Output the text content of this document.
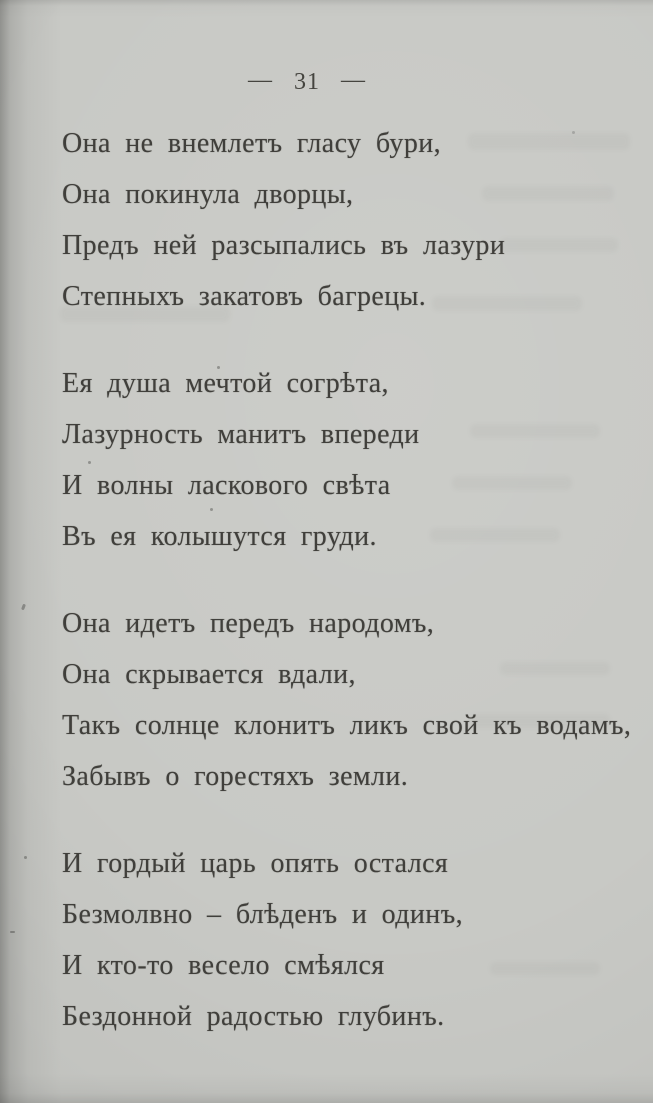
— 31 —
Она не внемлетъ гласу бури,
Она покинула дворцы,
Предъ ней разсыпались въ лазури
Степныхъ закатовъ багрецы.
Ея душа мечтой согрѣта,
Лазурность манитъ впереди
И волны ласкового свѣта
Въ ея колышутся груди.
Она идетъ передъ народомъ,
Она скрывается вдали,
Такъ солнце клонитъ ликъ свой къ водамъ,
Забывъ о горестяхъ земли.
И гордый царь опять остался
Безмолвно – блѣденъ и одинъ,
И кто-то весело смѣялся
Бездонной радостью глубинъ.
